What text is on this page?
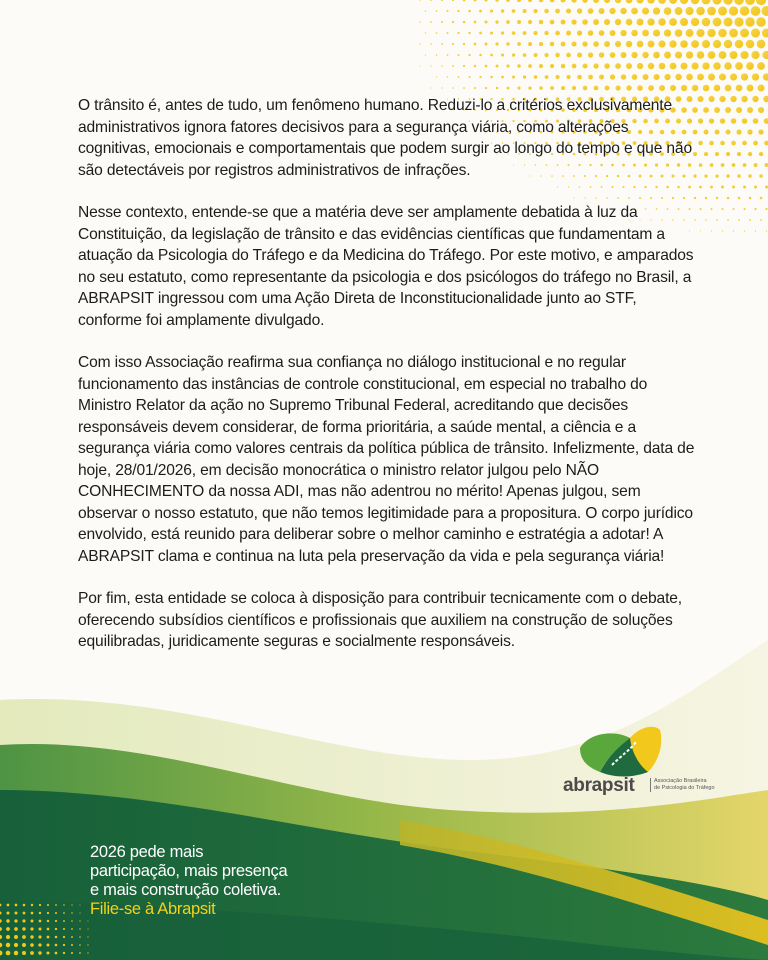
O trânsito é, antes de tudo, um fenômeno humano. Reduzi-lo a critérios exclusivamente administrativos ignora fatores decisivos para a segurança viária, como alterações cognitivas, emocionais e comportamentais que podem surgir ao longo do tempo e que não são detectáveis por registros administrativos de infrações.

Nesse contexto, entende-se que a matéria deve ser amplamente debatida à luz da Constituição, da legislação de trânsito e das evidências científicas que fundamentam a atuação da Psicologia do Tráfego e da Medicina do Tráfego. Por este motivo, e amparados no seu estatuto, como representante da psicologia e dos psicólogos do tráfego no Brasil, a ABRAPSIT ingressou com uma Ação Direta de Inconstitucionalidade junto ao STF, conforme foi amplamente divulgado.

Com isso Associação reafirma sua confiança no diálogo institucional e no regular funcionamento das instâncias de controle constitucional, em especial no trabalho do Ministro Relator da ação no Supremo Tribunal Federal, acreditando que decisões responsáveis devem considerar, de forma prioritária, a saúde mental, a ciência e a segurança viária como valores centrais da política pública de trânsito. Infelizmente, data de hoje, 28/01/2026, em decisão monocrática o ministro relator julgou pelo NÃO CONHECIMENTO da nossa ADI, mas não adentrou no mérito! Apenas julgou, sem observar o nosso estatuto, que não temos legitimidade para a propositura. O corpo jurídico envolvido, está reunido para deliberar sobre o melhor caminho e estratégia a adotar! A ABRAPSIT clama e continua na luta pela preservação da vida e pela segurança viária!

Por fim, esta entidade se coloca à disposição para contribuir tecnicamente com o debate, oferecendo subsídios científicos e profissionais que auxiliem na construção de soluções equilibradas, juridicamente seguras e socialmente responsáveis.

abrapsit	Associação Brasileira
de Psicologia do Tráfego
2026 pede mais
participação, mais presença
e mais construção coletiva.
Filie-se à Abrapsit
